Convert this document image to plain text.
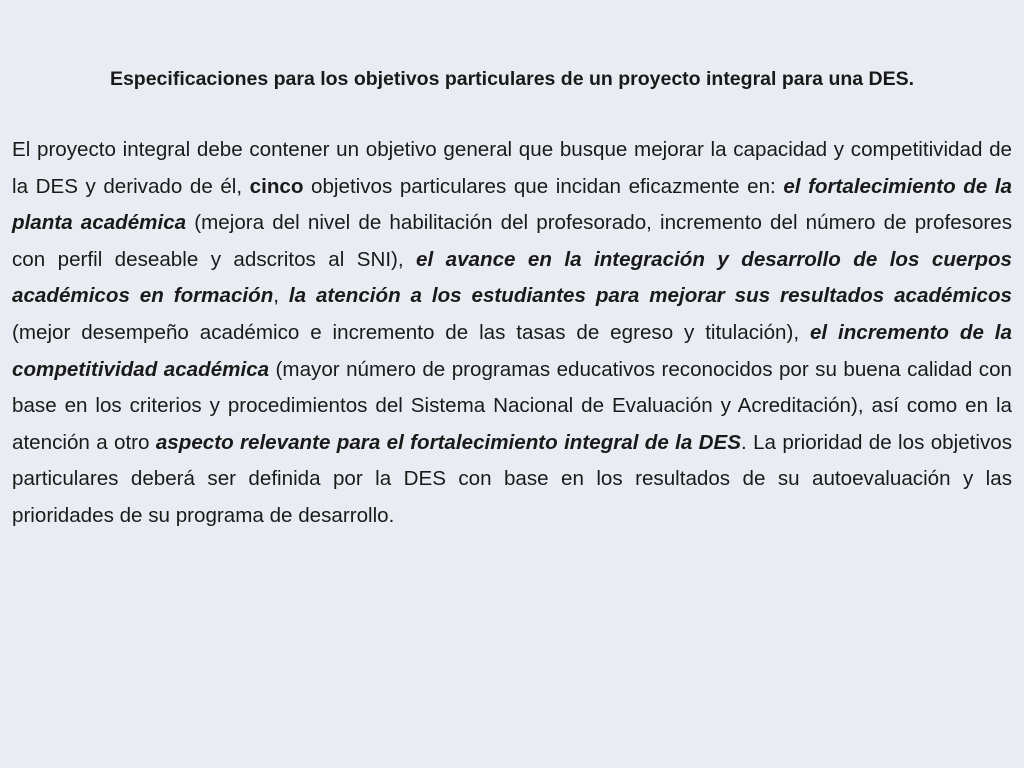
Especificaciones para los objetivos particulares de un proyecto integral para una DES.

El proyecto integral debe contener un objetivo general que busque mejorar la capacidad y competitividad de la DES y derivado de él, cinco objetivos particulares que incidan eficazmente en: el fortalecimiento de la planta académica (mejora del nivel de habilitación del profesorado, incremento del número de profesores con perfil deseable y adscritos al SNI), el avance en la integración y desarrollo de los cuerpos académicos en formación, la atención a los estudiantes para mejorar sus resultados académicos (mejor desempeño académico e incremento de las tasas de egreso y titulación), el incremento de la competitividad académica (mayor número de programas educativos reconocidos por su buena calidad con base en los criterios y procedimientos del Sistema Nacional de Evaluación y Acreditación), así como en la atención a otro aspecto relevante para el fortalecimiento integral de la DES. La prioridad de los objetivos particulares deberá ser definida por la DES con base en los resultados de su autoevaluación y las prioridades de su programa de desarrollo.
